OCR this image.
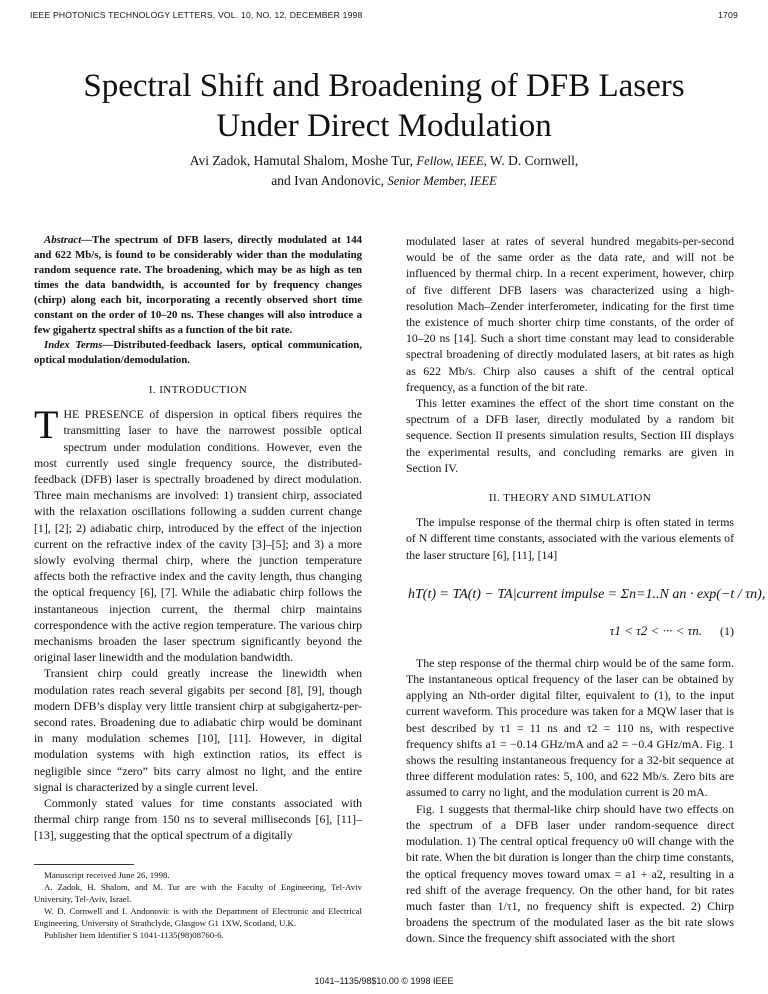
IEEE PHOTONICS TECHNOLOGY LETTERS, VOL. 10, NO. 12, DECEMBER 1998	1709
Spectral Shift and Broadening of DFB Lasers Under Direct Modulation
Avi Zadok, Hamutal Shalom, Moshe Tur, Fellow, IEEE, W. D. Cornwell,
and Ivan Andonovic, Senior Member, IEEE

Abstract—The spectrum of DFB lasers, directly modulated at 144 and 622 Mb/s, is found to be considerably wider than the modulating random sequence rate. The broadening, which may be as high as ten times the data bandwidth, is accounted for by frequency changes (chirp) along each bit, incorporating a recently observed short time constant on the order of 10–20 ns. These changes will also introduce a few gigahertz spectral shifts as a function of the bit rate.

Index Terms—Distributed-feedback lasers, optical communication, optical modulation/demodulation.

I. INTRODUCTION

THE PRESENCE of dispersion in optical fibers requires the transmitting laser to have the narrowest possible optical spectrum under modulation conditions. However, even the most currently used single frequency source, the distributed-feedback (DFB) laser is spectrally broadened by direct modulation. Three main mechanisms are involved: 1) transient chirp, associated with the relaxation oscillations following a sudden current change [1], [2]; 2) adiabatic chirp, introduced by the effect of the injection current on the refractive index of the cavity [3]–[5]; and 3) a more slowly evolving thermal chirp, where the junction temperature affects both the refractive index and the cavity length, thus changing the optical frequency [6], [7]. While the adiabatic chirp follows the instantaneous injection current, the thermal chirp maintains correspondence with the active region temperature. The various chirp mechanisms broaden the laser spectrum significantly beyond the original laser linewidth and the modulation bandwidth.

Transient chirp could greatly increase the linewidth when modulation rates reach several gigabits per second [8], [9], though modern DFB’s display very little transient chirp at subgigahertz-per-second rates. Broadening due to adiabatic chirp would be dominant in many modulation schemes [10], [11]. However, in digital modulation systems with high extinction ratios, its effect is negligible since “zero” bits carry almost no light, and the entire signal is characterized by a single current level.

Commonly stated values for time constants associated with thermal chirp range from 150 ns to several milliseconds [6], [11]–[13], suggesting that the optical spectrum of a digitally

Manuscript received June 26, 1998.

A. Zadok, H. Shalom, and M. Tur are with the Faculty of Engineering, Tel-Aviv University, Tel-Aviv, Israel.

W. D. Cornwell and I. Andonovic is with the Department of Electronic and Electrical Engineering, University of Strathclyde, Glasgow G1 1XW, Scotland, U.K.

Publisher Item Identifier S 1041-1135(98)08760-6.

modulated laser at rates of several hundred megabits-per-second would be of the same order as the data rate, and will not be influenced by thermal chirp. In a recent experiment, however, chirp of five different DFB lasers was characterized using a high-resolution Mach–Zender interferometer, indicating for the first time the existence of much shorter chirp time constants, of the order of 10–20 ns [14]. Such a short time constant may lead to considerable spectral broadening of directly modulated lasers, at bit rates as high as 622 Mb/s. Chirp also causes a shift of the central optical frequency, as a function of the bit rate.

This letter examines the effect of the short time constant on the spectrum of a DFB laser, directly modulated by a random bit sequence. Section II presents simulation results, Section III displays the experimental results, and concluding remarks are given in Section IV.

II. THEORY AND SIMULATION

The impulse response of the thermal chirp is often stated in terms of N different time constants, associated with the various elements of the laser structure [6], [11], [14]

hT(t) = TA(t) − TA|current impulse = Σn=1..N an · exp(−t / τn),
τ1 < τ2 < ··· < τn. (1)

The step response of the thermal chirp would be of the same form. The instantaneous optical frequency of the laser can be obtained by applying an Nth-order digital filter, equivalent to (1), to the input current waveform. This procedure was taken for a MQW laser that is best described by τ1 = 11 ns and τ2 = 110 ns, with respective frequency shifts a1 = −0.14 GHz/mA and a2 = −0.4 GHz/mA. Fig. 1 shows the resulting instantaneous frequency for a 32-bit sequence at three different modulation rates: 5, 100, and 622 Mb/s. Zero bits are assumed to carry no light, and the modulation current is 20 mA.

Fig. 1 suggests that thermal-like chirp should have two effects on the spectrum of a DFB laser under random-sequence direct modulation. 1) The central optical frequency υ0 will change with the bit rate. When the bit duration is longer than the chirp time constants, the optical frequency moves toward υmax = a1 + a2, resulting in a red shift of the average frequency. On the other hand, for bit rates much faster than 1/τ1, no frequency shift is expected. 2) Chirp broadens the spectrum of the modulated laser as the bit rate slows down. Since the frequency shift associated with the short

1041–1135/98$10.00 © 1998 IEEE
